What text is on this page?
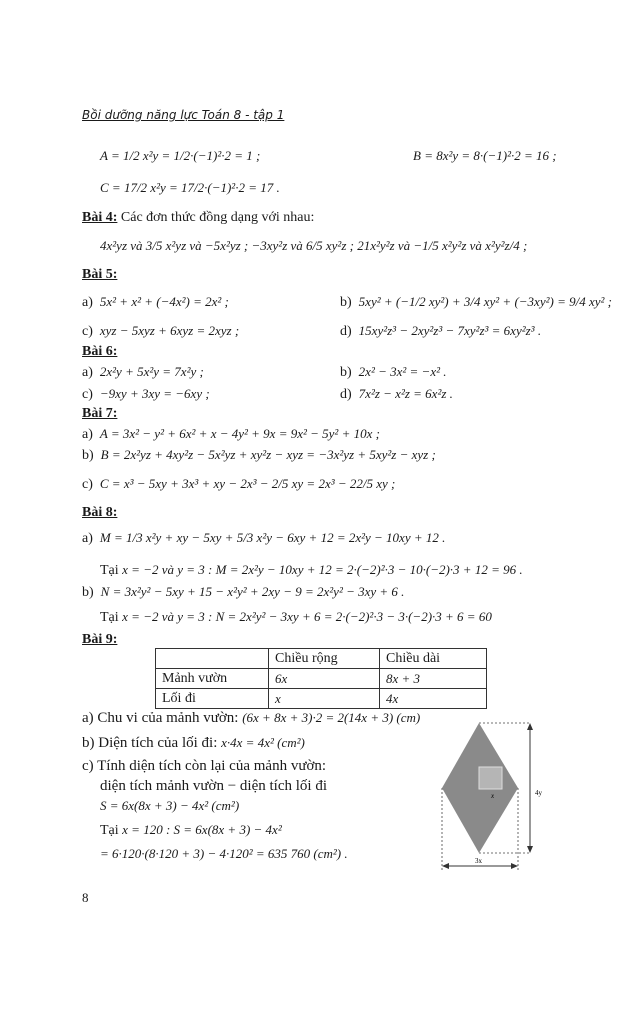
Bồi dưỡng năng lực Toán 8 - tập 1
A = 1/2 x²y = 1/2·(−1)²·2 = 1 ;	B = 8x²y = 8·(−1)²·2 = 16 ;
C = 17/2 x²y = 17/2·(−1)²·2 = 17 .
Bài 4: Các đơn thức đồng dạng với nhau:
4x²yz và 3/5 x²yz và −5x²yz ; −3xy²z và 6/5 xy²z ; 21x²y²z và −1/5 x²y²z và x²y²z/4 ;
Bài 5:
a) 5x² + x² + (−4x²) = 2x² ;	b) 5xy² + (−1/2 xy²) + 3/4 xy² + (−3xy²) = 9/4 xy² ;
c) xyz − 5xyz + 6xyz = 2xyz ;	d) 15xy²z³ − 2xy²z³ − 7xy²z³ = 6xy²z³ .
Bài 6:
a) 2x²y + 5x²y = 7x²y ;	b) 2x² − 3x² = −x² .
c) −9xy + 3xy = −6xy ;	d) 7x²z − x²z = 6x²z .
Bài 7:
a) A = 3x² − y² + 6x² + x − 4y² + 9x = 9x² − 5y² + 10x ;
b) B = 2x²yz + 4xy²z − 5x²yz + xy²z − xyz = −3x²yz + 5xy²z − xyz ;
c) C = x³ − 5xy + 3x³ + xy − 2x³ − 2/5 xy = 2x³ − 22/5 xy ;
Bài 8:
a) M = 1/3 x²y + xy − 5xy + 5/3 x²y − 6xy + 12 = 2x²y − 10xy + 12 .
Tại x = −2 và y = 3 : M = 2x²y − 10xy + 12 = 2·(−2)²·3 − 10·(−2)·3 + 12 = 96 .
b) N = 3x²y² − 5xy + 15 − x²y² + 2xy − 9 = 2x²y² − 3xy + 6 .
Tại x = −2 và y = 3 : N = 2x²y² − 3xy + 6 = 2·(−2)²·3 − 3·(−2)·3 + 6 = 60
Bài 9:
	Chiều rộng	Chiều dài
Mảnh vườn	6x	8x + 3
Lối đi	x	4x
a) Chu vi của mảnh vườn: (6x + 8x + 3)·2 = 2(14x + 3) (cm)
b) Diện tích của lối đi: x·4x = 4x² (cm²)
c) Tính diện tích còn lại của mảnh vườn:
diện tích mảnh vườn − diện tích lối đi
S = 6x(8x + 3) − 4x² (cm²)
Tại x = 120 : S = 6x(8x + 3) − 4x²
= 6·120·(8·120 + 3) − 4·120² = 635 760 (cm²) .
x	4y
3x
8
